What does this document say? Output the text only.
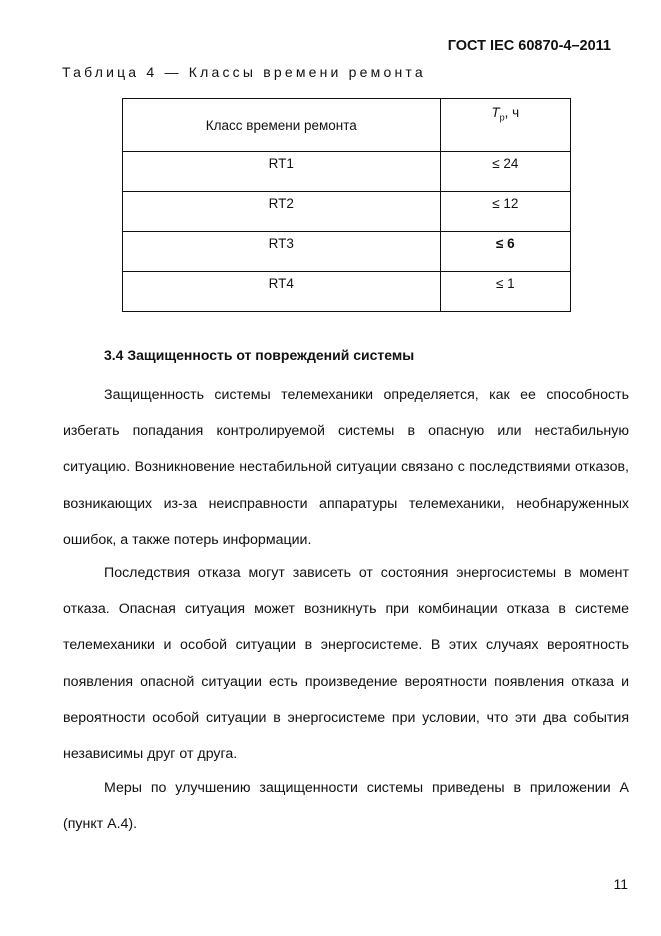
ГОСТ IEC 60870-4–2011
Таблица 4 — Классы времени ремонта
Класс времени ремонта	$T_р$, ч
RT1	≤ 24
RT2	≤ 12
RT3	≤ 6
RT4	≤ 1
3.4 Защищенность от повреждений системы

Защищенность системы телемеханики определяется, как ее способность избегать попадания контролируемой системы в опасную или нестабильную ситуацию. Возникновение нестабильной ситуации связано с последствиями отказов, возникающих из-за неисправности аппаратуры телемеханики, необнаруженных ошибок, а также потерь информации.

Последствия отказа могут зависеть от состояния энергосистемы в момент отказа. Опасная ситуация может возникнуть при комбинации отказа в системе телемеханики и особой ситуации в энергосистеме. В этих случаях вероятность появления опасной ситуации есть произведение вероятности появления отказа и вероятности особой ситуации в энергосистеме при условии, что эти два события независимы друг от друга.

Меры по улучшению защищенности системы приведены в приложении А (пункт А.4).

11
